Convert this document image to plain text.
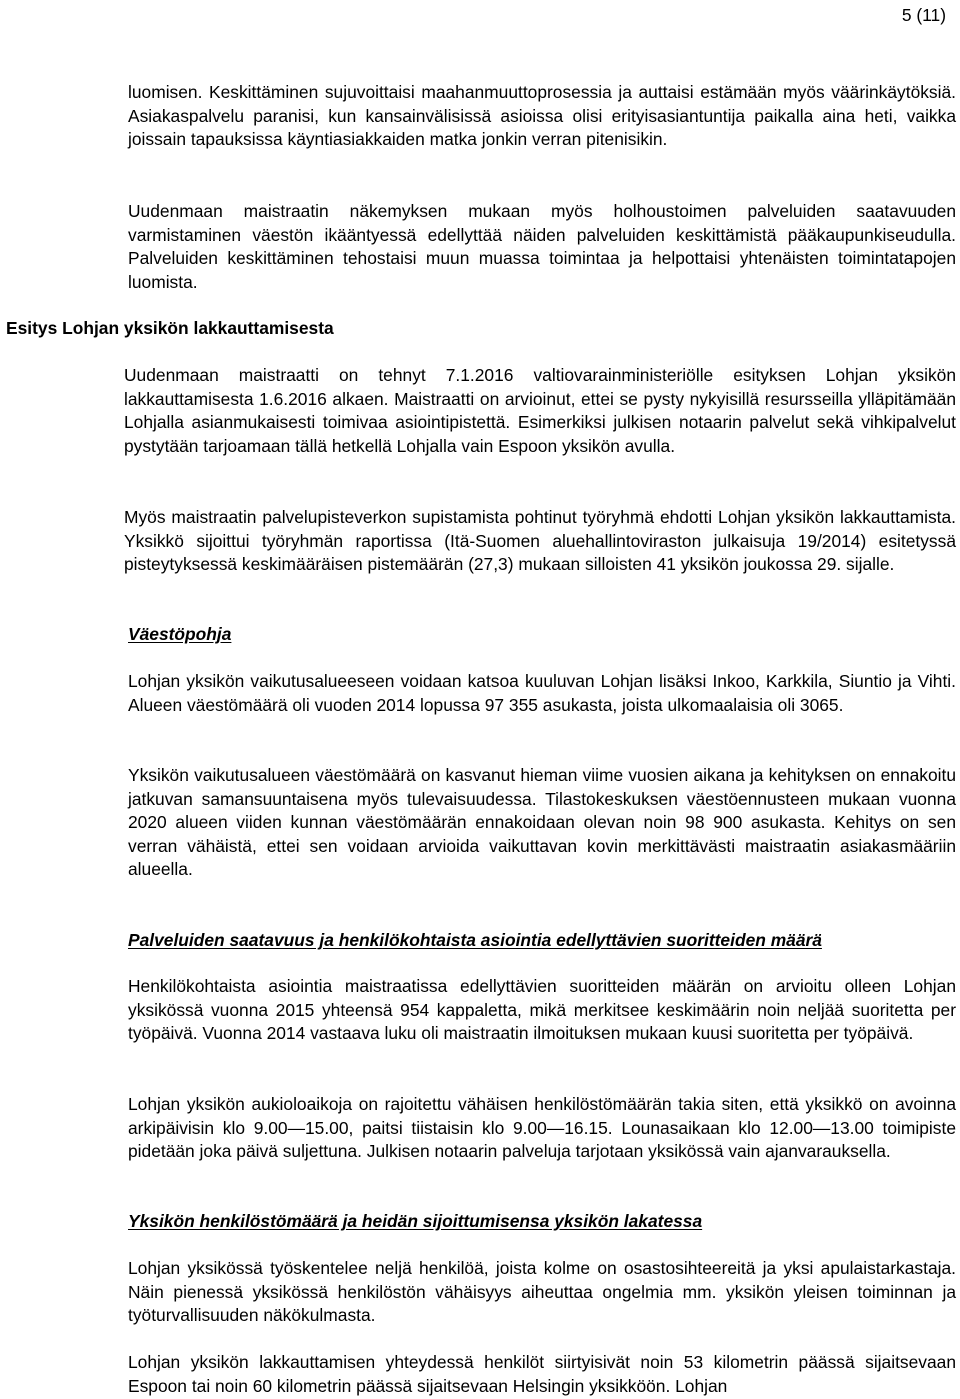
5 (11)

luomisen. Keskittäminen sujuvoittaisi maahanmuuttoprosessia ja auttaisi estämään myös väärinkäytöksiä. Asiakaspalvelu paranisi, kun kansainvälisissä asioissa olisi erityisasiantuntija paikalla aina heti, vaikka joissain tapauksissa käyntiasiakkaiden matka jonkin verran pitenisikin.

Uudenmaan maistraatin näkemyksen mukaan myös holhoustoimen palveluiden saatavuuden varmistaminen väestön ikääntyessä edellyttää näiden palveluiden keskittämistä pääkaupunkiseudulla. Palveluiden keskittäminen tehostaisi muun muassa toimintaa ja helpottaisi yhtenäisten toimintatapojen luomista.

Esitys Lohjan yksikön lakkauttamisesta

Uudenmaan maistraatti on tehnyt 7.1.2016 valtiovarainministeriölle esityksen Lohjan yksikön lakkauttamisesta 1.6.2016 alkaen. Maistraatti on arvioinut, ettei se pysty nykyisillä resursseilla ylläpitämään Lohjalla asianmukaisesti toimivaa asiointipistettä. Esimerkiksi julkisen notaarin palvelut sekä vihkipalvelut pystytään tarjoamaan tällä hetkellä Lohjalla vain Espoon yksikön avulla.

Myös maistraatin palvelupisteverkon supistamista pohtinut työryhmä ehdotti Lohjan yksikön lakkauttamista. Yksikkö sijoittui työryhmän raportissa (Itä-Suomen aluehallintoviraston julkaisuja 19/2014) esitetyssä pisteytyksessä keskimääräisen pistemäärän (27,3) mukaan silloisten 41 yksikön joukossa 29. sijalle.

Väestöpohja

Lohjan yksikön vaikutusalueeseen voidaan katsoa kuuluvan Lohjan lisäksi Inkoo, Karkkila, Siuntio ja Vihti. Alueen väestömäärä oli vuoden 2014 lopussa 97 355 asukasta, joista ulkomaalaisia oli 3065.

Yksikön vaikutusalueen väestömäärä on kasvanut hieman viime vuosien aikana ja kehityksen on ennakoitu jatkuvan samansuuntaisena myös tulevaisuudessa. Tilastokeskuksen väestöennusteen mukaan vuonna 2020 alueen viiden kunnan väestömäärän ennakoidaan olevan noin 98 900 asukasta. Kehitys on sen verran vähäistä, ettei sen voidaan arvioida vaikuttavan kovin merkittävästi maistraatin asiakasmääriin alueella.

Palveluiden saatavuus ja henkilökohtaista asiointia edellyttävien suoritteiden määrä

Henkilökohtaista asiointia maistraatissa edellyttävien suoritteiden määrän on arvioitu olleen Lohjan yksikössä vuonna 2015 yhteensä 954 kappaletta, mikä merkitsee keskimäärin noin neljää suoritetta per työpäivä. Vuonna 2014 vastaava luku oli maistraatin ilmoituksen mukaan kuusi suoritetta per työpäivä.

Lohjan yksikön aukioloaikoja on rajoitettu vähäisen henkilöstömäärän takia siten, että yksikkö on avoinna arkipäivisin klo 9.00—15.00, paitsi tiistaisin klo 9.00—16.15. Lounasaikaan klo 12.00—13.00 toimipiste pidetään joka päivä suljettuna. Julkisen notaarin palveluja tarjotaan yksikössä vain ajanvarauksella.

Yksikön henkilöstömäärä ja heidän sijoittumisensa yksikön lakatessa

Lohjan yksikössä työskentelee neljä henkilöä, joista kolme on osastosihteereitä ja yksi apulaistarkastaja. Näin pienessä yksikössä henkilöstön vähäisyys aiheuttaa ongelmia mm. yksikön yleisen toiminnan ja työturvallisuuden näkökulmasta.

Lohjan yksikön lakkauttamisen yhteydessä henkilöt siirtyisivät noin 53 kilometrin päässä sijaitsevaan Espoon tai noin 60 kilometrin päässä sijaitsevaan Helsingin yksikköön. Lohjan
